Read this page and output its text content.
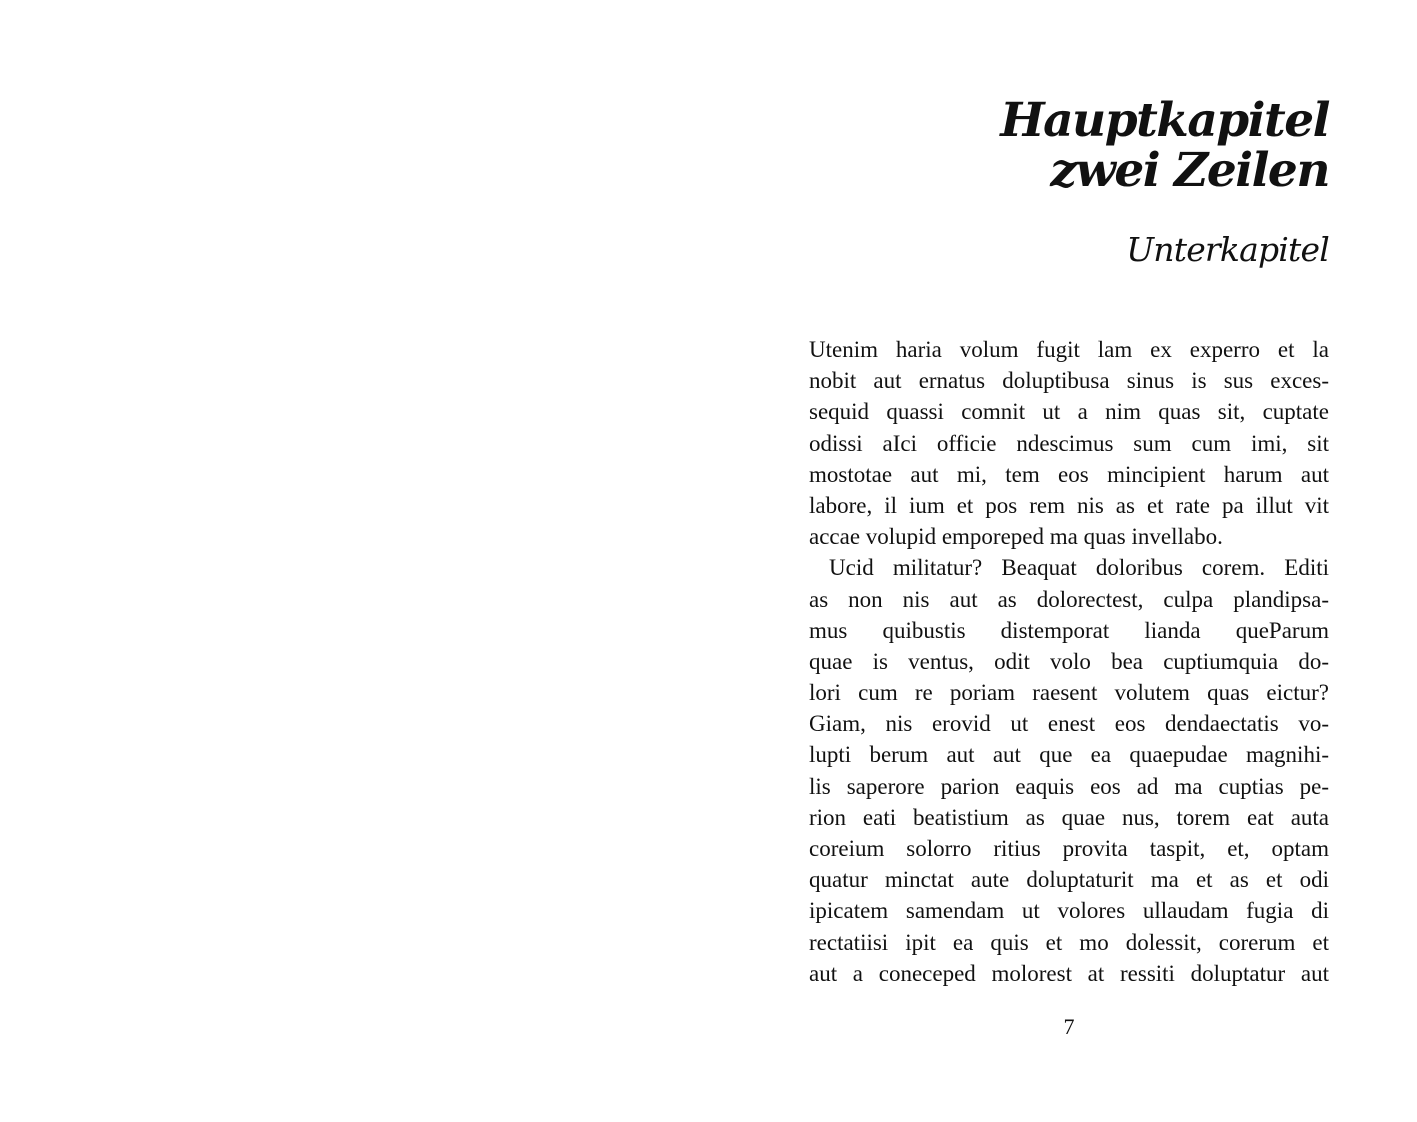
Hauptkapitel
zwei Zeilen
Unterkapitel
Utenim haria volum fugit lam ex experro et la
nobit aut ernatus doluptibusa sinus is sus exces-
sequid quassi comnit ut a nim quas sit, cuptate
odissi aIci officie ndescimus sum cum imi, sit
mostotae aut mi, tem eos mincipient harum aut
labore, il ium et pos rem nis as et rate pa illut vit
accae volupid emporeped ma quas invellabo.
Ucid militatur? Beaquat doloribus corem. Editi
as non nis aut as dolorectest, culpa plandipsa-
mus quibustis distemporat lianda queParum
quae is ventus, odit volo bea cuptiumquia do-
lori cum re poriam raesent volutem quas eictur?
Giam, nis erovid ut enest eos dendaectatis vo-
lupti berum aut aut que ea quaepudae magnihi-
lis saperore parion eaquis eos ad ma cuptias pe-
rion eati beatistium as quae nus, torem eat auta
coreium solorro ritius provita taspit, et, optam
quatur minctat aute doluptaturit ma et as et odi
ipicatem samendam ut volores ullaudam fugia di
rectatiisi ipit ea quis et mo dolessit, corerum et
aut a coneceped molorest at ressiti doluptatur aut
7
